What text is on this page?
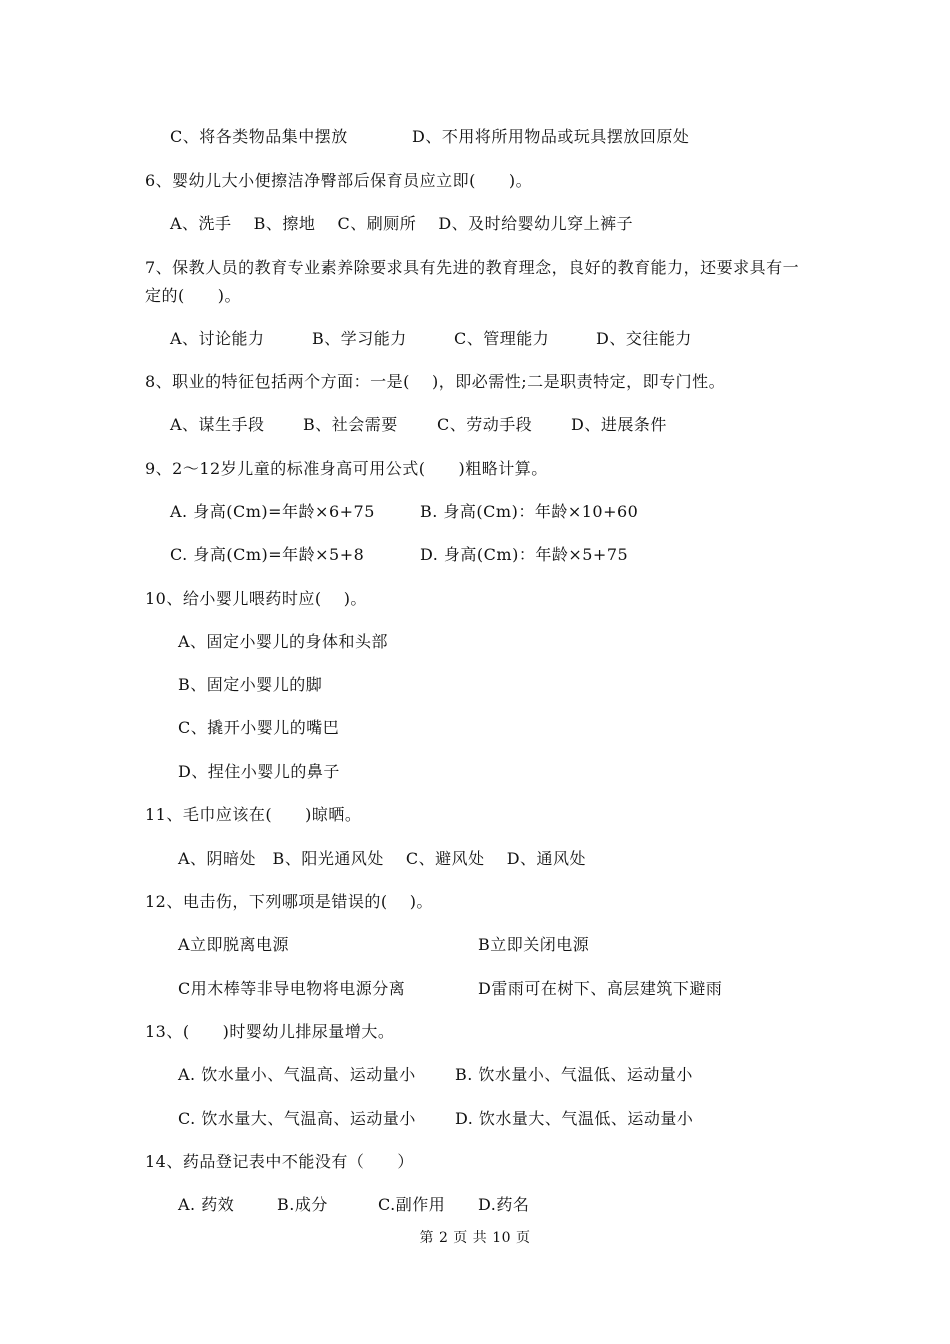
C、将各类物品集中摆放	D、不用将所用物品或玩具摆放回原处
6、婴幼儿大小便擦洁净臀部后保育员应立即(　　)。
A、洗手　 B、擦地　 C、刷厕所　 D、及时给婴幼儿穿上裤子
7、保教人员的教育专业素养除要求具有先进的教育理念，良好的教育能力，还要求具有一
定的(　　)。
A、讨论能力	B、学习能力	C、管理能力	D、交往能力
8、职业的特征包括两个方面：一是(　 )，即必需性;二是职责特定，即专门性。
A、谋生手段 B、社会需要 C、劳动手段 D、进展条件
9、2～12岁儿童的标准身高可用公式(　　)粗略计算。
A. 身高(Cm)=年龄×6+75	B. 身高(Cm)：年龄×10+60
C. 身高(Cm)=年龄×5+8	D. 身高(Cm)：年龄×5+75
10、给小婴儿喂药时应(　 )。
A、固定小婴儿的身体和头部
B、固定小婴儿的脚
C、撬开小婴儿的嘴巴
D、捏住小婴儿的鼻子
11、毛巾应该在(　　)晾晒。
A、阴暗处　B、阳光通风处　 C、避风处　 D、通风处
12、电击伤，下列哪项是错误的(　 )。
A立即脱离电源	B立即关闭电源
C用木棒等非导电物将电源分离	D雷雨可在树下、高层建筑下避雨
13、(　　)时婴幼儿排尿量增大。
A. 饮水量小、气温高、运动量小 B. 饮水量小、气温低、运动量小
C. 饮水量大、气温高、运动量小 D. 饮水量大、气温低、运动量小
14、药品登记表中不能没有（　　）
A. 药效	B.成分	C.副作用 D.药名
第 2 页 共 10 页
